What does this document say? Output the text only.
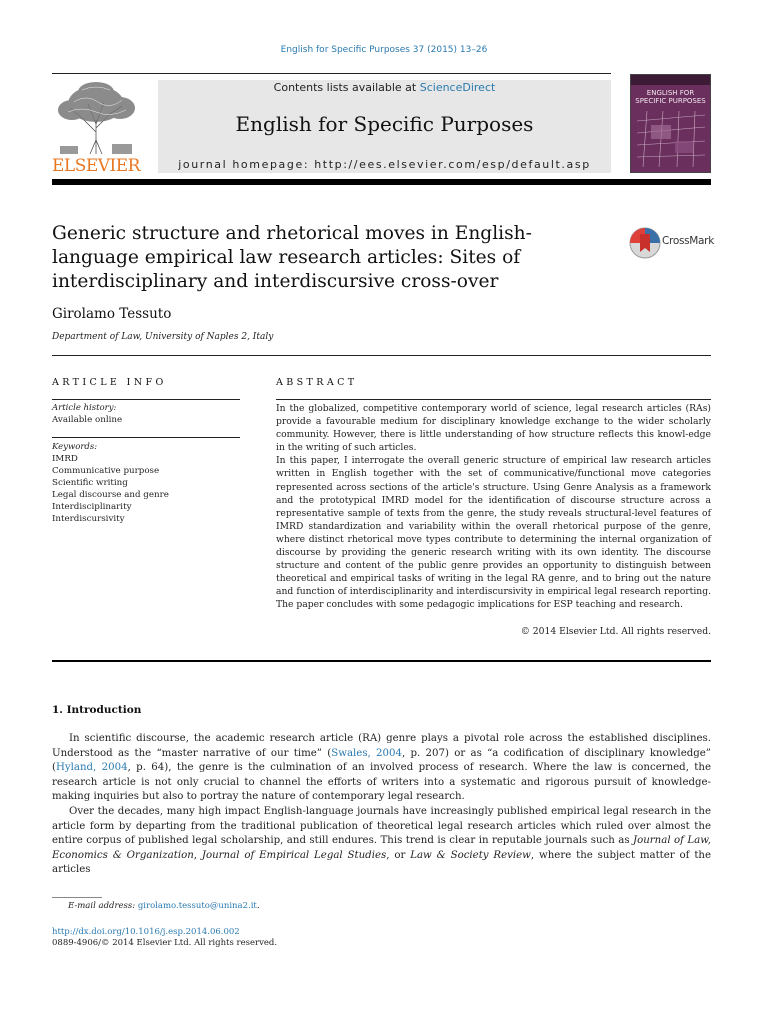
English for Specific Purposes 37 (2015) 13–26
ELSEVIER
Contents lists available at ScienceDirect
English for Specific Purposes
journal homepage: http://ees.elsevier.com/esp/default.asp
ENGLISH FOR SPECIFIC PURPOSES
Generic structure and rhetorical moves in English-language empirical law research articles: Sites of interdisciplinary and interdiscursive cross-over
CrossMark
Girolamo Tessuto
Department of Law, University of Naples 2, Italy
ARTICLE INFO
Article history:
Available online
Keywords:
IMRD
Communicative purpose
Scientific writing
Legal discourse and genre
Interdisciplinarity
Interdiscursivity
ABSTRACT

In the globalized, competitive contemporary world of science, legal research articles (RAs) provide a favourable medium for disciplinary knowledge exchange to the wider scholarly community. However, there is little understanding of how structure reflects this knowl-edge in the writing of such articles.

In this paper, I interrogate the overall generic structure of empirical law research articles written in English together with the set of communicative/functional move categories represented across sections of the article's structure. Using Genre Analysis as a framework and the prototypical IMRD model for the identification of discourse structure across a representative sample of texts from the genre, the study reveals structural-level features of IMRD standardization and variability within the overall rhetorical purpose of the genre, where distinct rhetorical move types contribute to determining the internal organization of discourse by providing the generic research writing with its own identity. The discourse structure and content of the public genre provides an opportunity to distinguish between theoretical and empirical tasks of writing in the legal RA genre, and to bring out the nature and function of interdisciplinarity and interdiscursivity in empirical legal research reporting. The paper concludes with some pedagogic implications for ESP teaching and research.

© 2014 Elsevier Ltd. All rights reserved.
1. Introduction

In scientific discourse, the academic research article (RA) genre plays a pivotal role across the established disciplines. Understood as the “master narrative of our time” (Swales, 2004, p. 207) or as “a codification of disciplinary knowledge” (Hyland, 2004, p. 64), the genre is the culmination of an involved process of research. Where the law is concerned, the research article is not only crucial to channel the efforts of writers into a systematic and rigorous pursuit of knowledge-making inquiries but also to portray the nature of contemporary legal research.

Over the decades, many high impact English-language journals have increasingly published empirical legal research in the article form by departing from the traditional publication of theoretical legal research articles which ruled over almost the entire corpus of published legal scholarship, and still endures. This trend is clear in reputable journals such as Journal of Law, Economics & Organization, Journal of Empirical Legal Studies, or Law & Society Review, where the subject matter of the articles

E-mail address: girolamo.tessuto@unina2.it.
http://dx.doi.org/10.1016/j.esp.2014.06.002
0889-4906/© 2014 Elsevier Ltd. All rights reserved.
